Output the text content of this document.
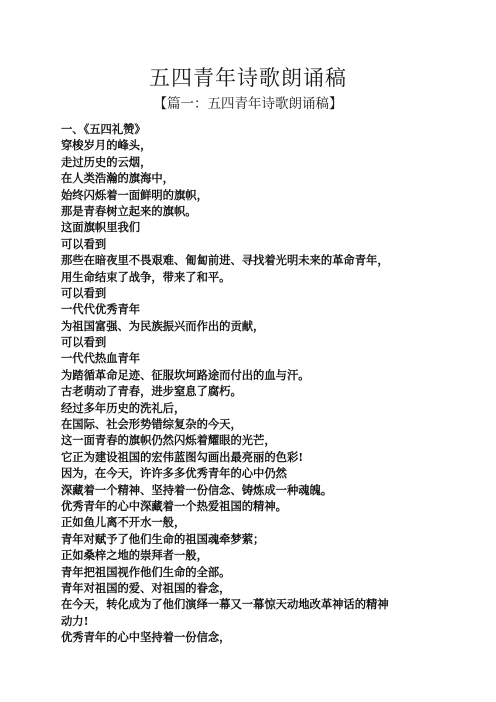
五四青年诗歌朗诵稿

【篇一：五四青年诗歌朗诵稿】

一、《五四礼赞》
穿梭岁月的峰头，
走过历史的云烟，
在人类浩瀚的旗海中，
始终闪烁着一面鲜明的旗帜，
那是青春树立起来的旗帜。
这面旗帜里我们
可以看到
那些在暗夜里不畏艰难、匍匐前进、寻找着光明未来的革命青年，
用生命结束了战争，带来了和平。
可以看到
一代代优秀青年
为祖国富强、为民族振兴而作出的贡献，
可以看到
一代代热血青年
为踏循革命足迹、征服坎坷路途而付出的血与汗。
古老萌动了青春，进步窒息了腐朽。
经过多年历史的洗礼后，
在国际、社会形势错综复杂的今天，
这一面青春的旗帜仍然闪烁着耀眼的光芒，
它正为建设祖国的宏伟蓝图勾画出最亮丽的色彩!
因为，在今天，许许多多优秀青年的心中仍然
深藏着一个精神、坚持着一份信念、铸炼成一种魂魄。
优秀青年的心中深藏着一个热爱祖国的精神。
正如鱼儿离不开水一般，
青年对赋予了他们生命的祖国魂牵梦萦；
正如桑梓之地的崇拜者一般，
青年把祖国视作他们生命的全部。
青年对祖国的爱、对祖国的眷念，
在今天，转化成为了他们演绎一幕又一幕惊天动地改革神话的精神
动力!
优秀青年的心中坚持着一份信念，
